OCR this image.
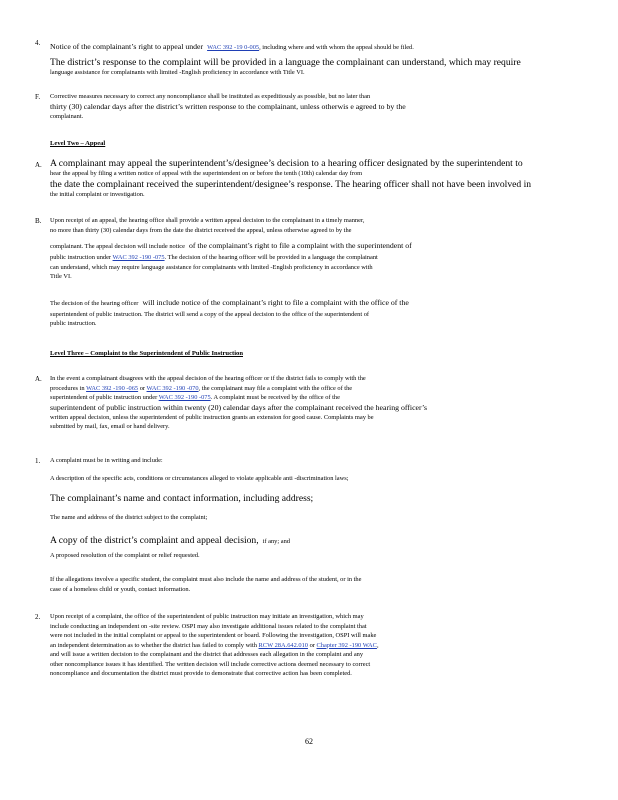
4. Notice of the complainant’s right to appeal under WAC 392 -19 0-005, including where and with whom the appeal should be filed.
The district’s response to the complaint will be provided in a language the complainant can understand, which may require
language assistance for complainants with limited -English proficiency in accordance with Title VI.
F. Corrective measures necessary to correct any noncompliance shall be instituted as expeditiously as possible, but no later than
thirty (30) calendar days after the district’s written response to the complainant, unless otherwis e agreed to by the
complainant.
Level Two – Appeal
A. A complainant may appeal the superintendent’s/designee’s decision to a hearing officer designated by the superintendent to
hear the appeal by filing a written notice of appeal with the superintendent on or before the tenth (10th) calendar day from
the date the complainant received the superintendent/designee’s response. The hearing officer shall not have been involved in
the initial complaint or investigation.
B. Upon receipt of an appeal, the hearing office shall provide a written appeal decision to the complainant in a timely manner,
no more than thirty (30) calendar days from the date the district received the appeal, unless otherwise agreed to by the
complainant. The appeal decision will include notice of the complainant’s right to file a complaint with the superintendent of
public instruction under WAC 392 -190 -075. The decision of the hearing officer will be provided in a language the complainant
can understand, which may require language assistance for complainants with limited -English proficiency in accordance with
Title VI.
The decision of the hearing officer will include notice of the complainant’s right to file a complaint with the office of the
superintendent of public instruction. The district will send a copy of the appeal decision to the office of the superintendent of
public instruction.
Level Three – Complaint to the Superintendent of Public Instruction
A. In the event a complainant disagrees with the appeal decision of the hearing officer or if the district fails to comply with the
procedures in WAC 392 -190 -065 or WAC 392 -190 -070, the complainant may file a complaint with the office of the
superintendent of public instruction under WAC 392 -190 -075. A complaint must be received by the office of the
superintendent of public instruction within twenty (20) calendar days after the complainant received the hearing officer’s
written appeal decision, unless the superintendent of public instruction grants an extension for good cause. Complaints may be
submitted by mail, fax, email or hand delivery.
1. A complaint must be in writing and include:
A description of the specific acts, conditions or circumstances alleged to violate applicable anti -discrimination laws;
The complainant’s name and contact information, including address;
The name and address of the district subject to the complaint;
A copy of the district’s complaint and appeal decision, if any; and
A proposed resolution of the complaint or relief requested.
If the allegations involve a specific student, the complaint must also include the name and address of the student, or in the
case of a homeless child or youth, contact information.
2. Upon receipt of a complaint, the office of the superintendent of public instruction may initiate an investigation, which may
include conducting an independent on -site review. OSPI may also investigate additional issues related to the complaint that
were not included in the initial complaint or appeal to the superintendent or board. Following the investigation, OSPI will make
an independent determination as to whether the district has failed to comply with RCW 28A.642.010 or Chapter 392 -190 WAC,
and will issue a written decision to the complainant and the district that addresses each allegation in the complaint and any
other noncompliance issues it has identified. The written decision will include corrective actions deemed necessary to correct
noncompliance and documentation the district must provide to demonstrate that corrective action has been completed.
62
